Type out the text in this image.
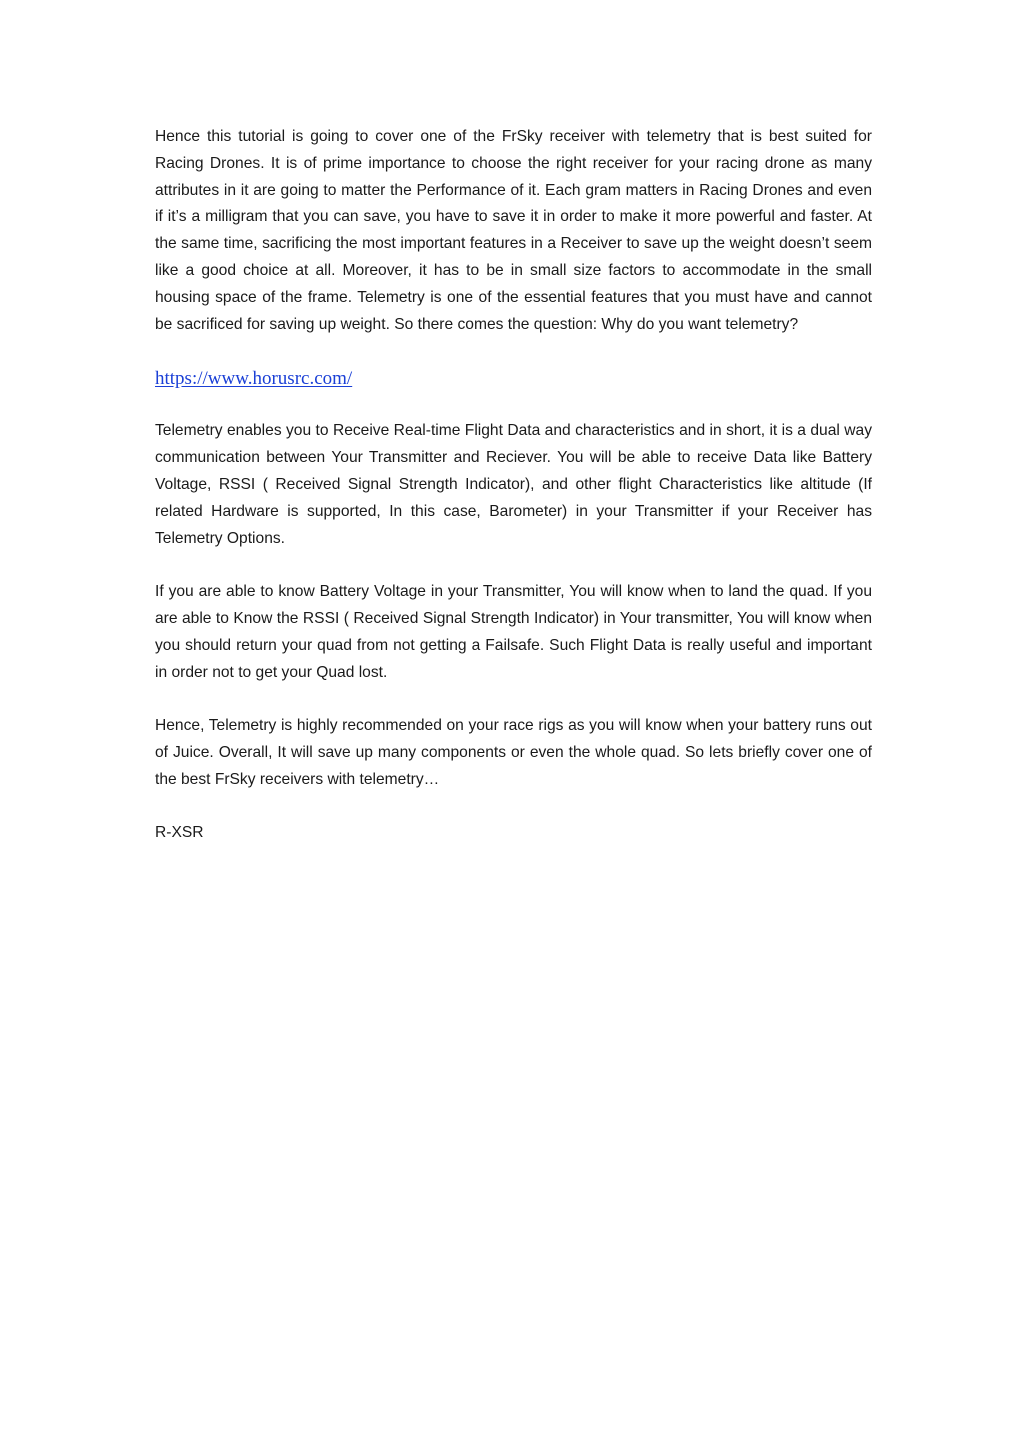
Hence this tutorial is going to cover one of the FrSky receiver with telemetry that is best suited for Racing Drones. It is of prime importance to choose the right receiver for your racing drone as many attributes in it are going to matter the Performance of it. Each gram matters in Racing Drones and even if it’s a milligram that you can save, you have to save it in order to make it more powerful and faster. At the same time, sacrificing the most important features in a Receiver to save up the weight doesn’t seem like a good choice at all. Moreover, it has to be in small size factors to accommodate in the small housing space of the frame. Telemetry is one of the essential features that you must have and cannot be sacrificed for saving up weight. So there comes the question: Why do you want telemetry?

https://www.horusrc.com/

Telemetry enables you to Receive Real-time Flight Data and characteristics and in short, it is a dual way communication between Your Transmitter and Reciever. You will be able to receive Data like Battery Voltage, RSSI ( Received Signal Strength Indicator), and other flight Characteristics like altitude (If related Hardware is supported, In this case, Barometer) in your Transmitter if your Receiver has Telemetry Options.

If you are able to know Battery Voltage in your Transmitter, You will know when to land the quad. If you are able to Know the RSSI ( Received Signal Strength Indicator) in Your transmitter, You will know when you should return your quad from not getting a Failsafe. Such Flight Data is really useful and important in order not to get your Quad lost.

Hence, Telemetry is highly recommended on your race rigs as you will know when your battery runs out of Juice. Overall, It will save up many components or even the whole quad. So lets briefly cover one of the best FrSky receivers with telemetry…

R-XSR
